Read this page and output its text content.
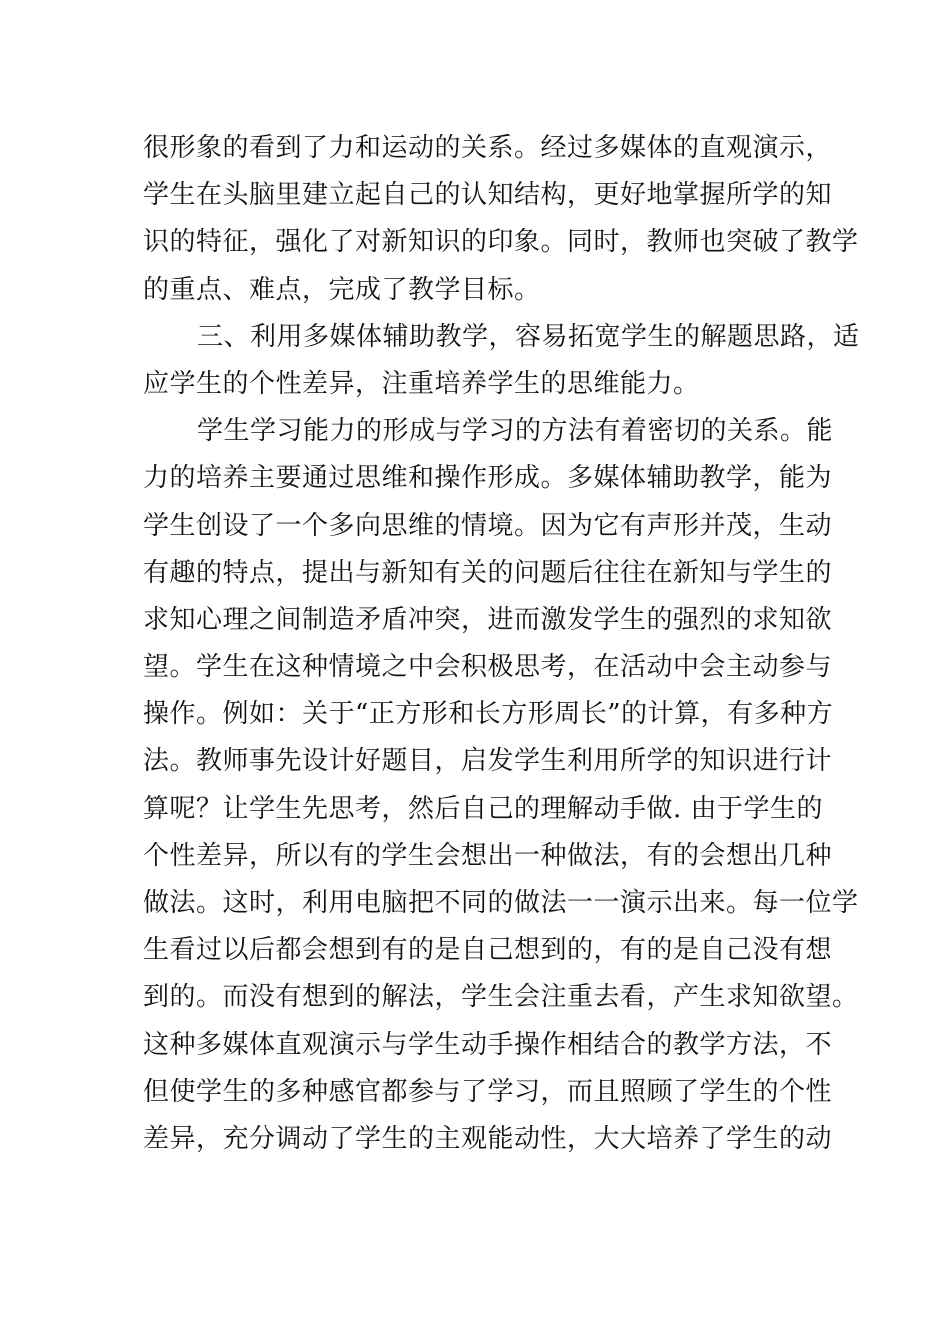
很形象的看到了力和运动的关系。经过多媒体的直观演示，
学生在头脑里建立起自己的认知结构，更好地掌握所学的知
识的特征，强化了对新知识的印象。同时，教师也突破了教学
的重点、难点，完成了教学目标。
三、利用多媒体辅助教学，容易拓宽学生的解题思路，适
应学生的个性差异，注重培养学生的思维能力。
学生学习能力的形成与学习的方法有着密切的关系。能
力的培养主要通过思维和操作形成。多媒体辅助教学，能为
学生创设了一个多向思维的情境。因为它有声形并茂，生动
有趣的特点，提出与新知有关的问题后往往在新知与学生的
求知心理之间制造矛盾冲突，进而激发学生的强烈的求知欲
望。学生在这种情境之中会积极思考，在活动中会主动参与
操作。例如：关于“正方形和长方形周长”的计算，有多种方
法。教师事先设计好题目，启发学生利用所学的知识进行计
算呢？让学生先思考，然后自己的理解动手做. 由于学生的
个性差异，所以有的学生会想出一种做法，有的会想出几种
做法。这时，利用电脑把不同的做法一一演示出来。每一位学
生看过以后都会想到有的是自己想到的，有的是自己没有想
到的。而没有想到的解法，学生会注重去看，产生求知欲望。
这种多媒体直观演示与学生动手操作相结合的教学方法，不
但使学生的多种感官都参与了学习，而且照顾了学生的个性
差异，充分调动了学生的主观能动性，大大培养了学生的动
